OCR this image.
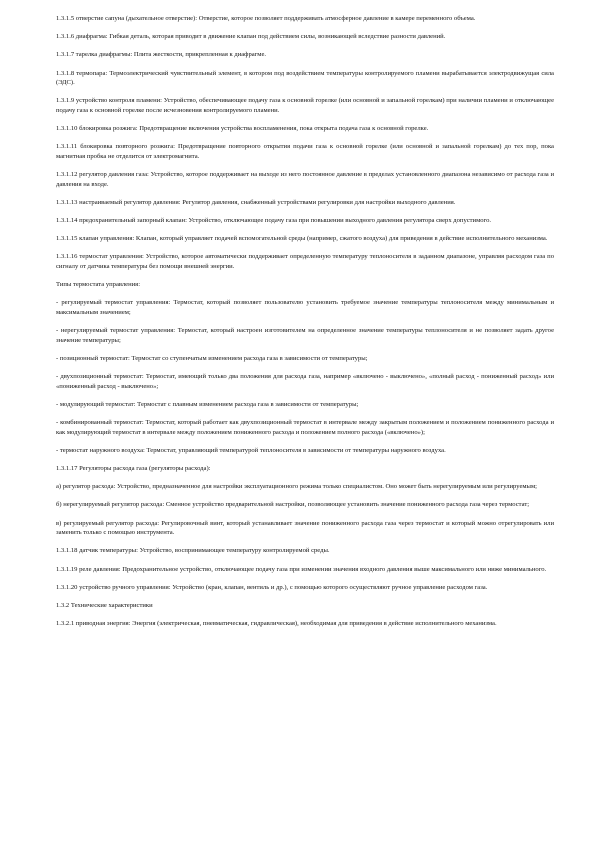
1.3.1.5 отверстие сапуна (дыхательное отверстие): Отверстие, которое позволяет поддерживать атмосферное давление в камере переменного объема.

1.3.1.6 диафрагма: Гибкая деталь, которая приводит в движение клапан под действием силы, возникающей вследствие разности давлений.

1.3.1.7 тарелка диафрагмы: Плита жесткости, прикрепленная к диафрагме.

1.3.1.8 термопара: Термоэлектрический чувствительный элемент, в котором под воздействием температуры контролируемого пламени вырабатывается электродвижущая сила (ЭДС).

1.3.1.9 устройство контроля пламени: Устройство, обеспечивающее подачу газа к основной горелке (или основной и запальной горелкам) при наличии пламени и отключающее подачу газа к основной горелке после исчезновения контролируемого пламени.

1.3.1.10 блокировка розжига: Предотвращение включения устройства воспламенения, пока открыта подача газа к основной горелке.

1.3.1.11 блокировка повторного розжига: Предотвращение повторного открытия подачи газа к основной горелке (или основной и запальной горелкам) до тех пор, пока магнитная пробка не отделится от электромагнита.

1.3.1.12 регулятор давления газа: Устройство, которое поддерживает на выходе из него постоянное давление в пределах установленного диапазона независимо от расхода газа и давления на входе.

1.3.1.13 настраиваемый регулятор давления: Регулятор давления, снабженный устройствами регулировки для настройки выходного давления.

1.3.1.14 предохранительный запорный клапан: Устройство, отключающее подачу газа при повышении выходного давления регулятора сверх допустимого.

1.3.1.15 клапан управления: Клапан, который управляет подачей вспомогательной среды (например, сжатого воздуха) для приведения в действие исполнительного механизма.

1.3.1.16 термостат управления: Устройство, которое автоматически поддерживает определенную температуру теплоносителя в заданном диапазоне, управляя расходом газа по сигналу от датчика температуры без помощи внешней энергии.

Типы термостата управления:

- регулируемый термостат управления: Термостат, который позволяет пользователю установить требуемое значение температуры теплоносителя между минимальным и максимальным значением;

- нерегулируемый термостат управления: Термостат, который настроен изготовителем на определенное значение температуры теплоносителя и не позволяет задать другое значение температуры;

- позиционный термостат: Термостат со ступенчатым изменением расхода газа в зависимости от температуры;

- двухпозиционный термостат: Термостат, имеющий только два положения для расхода газа, например «включено - выключено», «полный расход - пониженный расход» или «пониженный расход - выключено»;

- модулирующий термостат: Термостат с плавным изменением расхода газа в зависимости от температуры;

- комбинированный термостат: Термостат, который работает как двухпозиционный термостат в интервале между закрытым положением и положением пониженного расхода и как модулирующий термостат в интервале между положением пониженного расхода и положением полного расхода («включено»);

- термостат наружного воздуха: Термостат, управляющий температурой теплоносителя в зависимости от температуры наружного воздуха.

1.3.1.17 Регуляторы расхода газа (регуляторы расхода):

а) регулятор расхода: Устройство, предназначенное для настройки эксплуатационного режима только специалистом. Оно может быть нерегулируемым или регулируемым;

б) нерегулируемый регулятор расхода: Сменное устройство предварительной настройки, позволяющее установить значение пониженного расхода газа через термостат;

в) регулируемый регулятор расхода: Регулировочный винт, который устанавливает значение пониженного расхода газа через термостат и который можно отрегулировать или заменить только с помощью инструмента.

1.3.1.18 датчик температуры: Устройство, воспринимающее температуру контролируемой среды.

1.3.1.19 реле давления: Предохранительное устройство, отключающее подачу газа при изменении значения входного давления выше максимального или ниже минимального.

1.3.1.20 устройство ручного управления: Устройство (кран, клапан, вентиль и др.), с помощью которого осуществляют ручное управление расходом газа.

1.3.2 Технические характеристики

1.3.2.1 приводная энергия: Энергия (электрическая, пневматическая, гидравлическая), необходимая для приведения в действие исполнительного механизма.
